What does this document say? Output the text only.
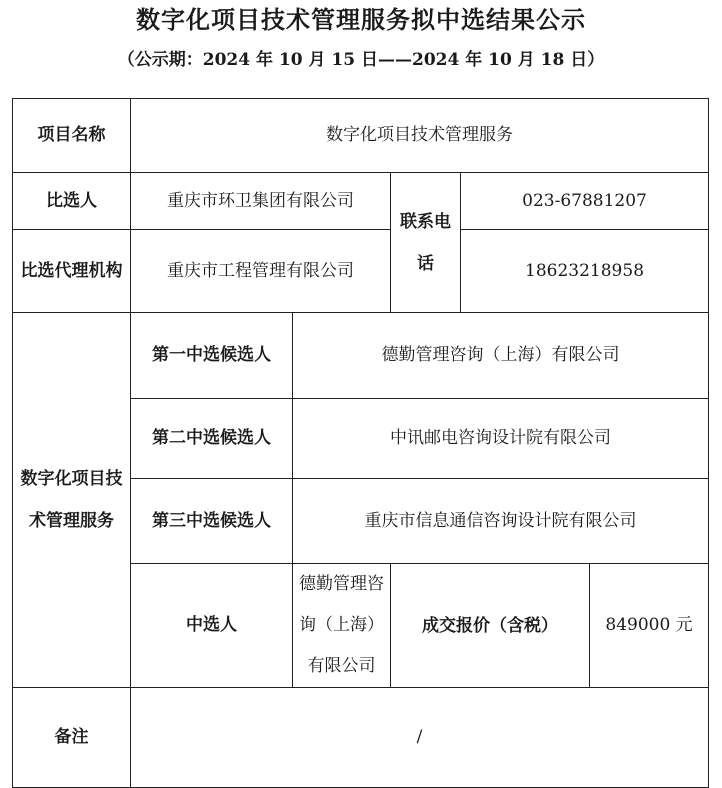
数字化项目技术管理服务拟中选结果公示
（公示期：2024 年 10 月 15 日——2024 年 10 月 18 日）
项目名称	数字化项目技术管理服务				
比选人	重庆市环卫集团有限公司		联系电话	023-67881207	
比选代理机构	重庆市工程管理有限公司			18623218958	
数字化项目技术管理服务	第一中选候选人	德勤管理咨询（上海）有限公司			
	第二中选候选人	中讯邮电咨询设计院有限公司			
	第三中选候选人	重庆市信息通信咨询设计院有限公司			
	中选人	德勤管理咨询（上海）有限公司	成交报价（含税）		849000 元
备注	/				
